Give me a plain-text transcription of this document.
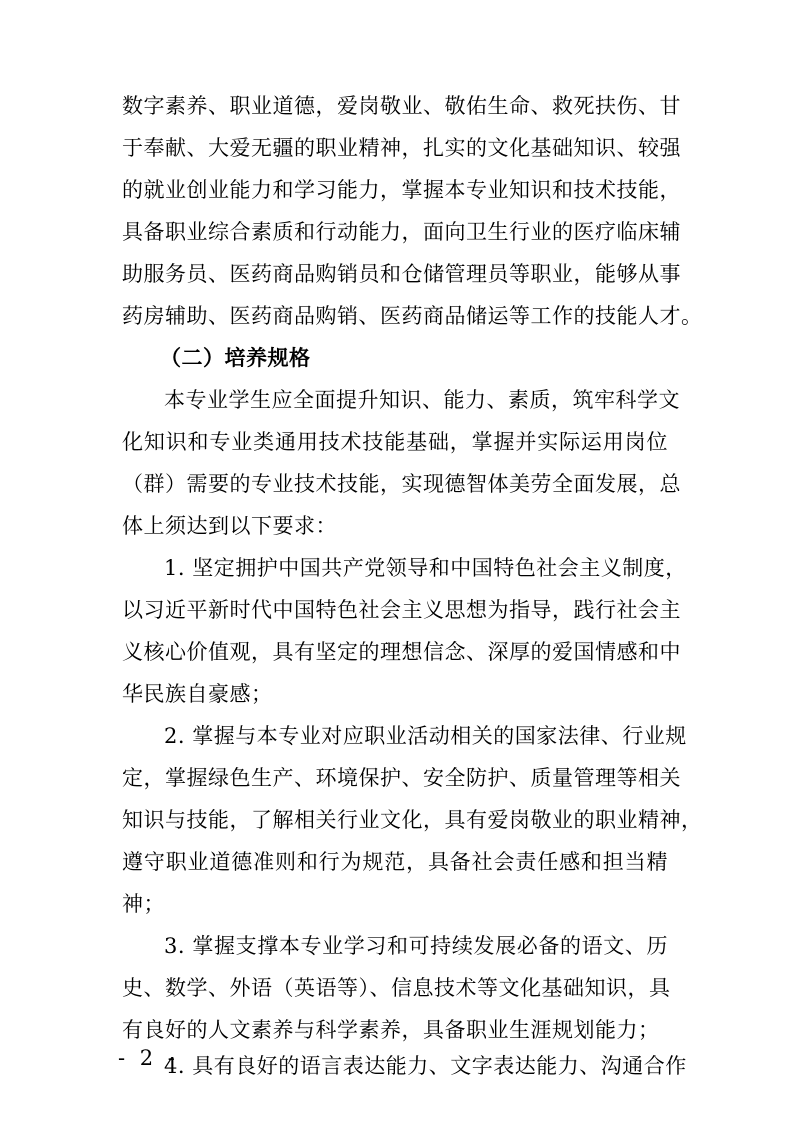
数字素养、职业道德，爱岗敬业、敬佑生命、救死扶伤、甘
于奉献、大爱无疆的职业精神，扎实的文化基础知识、较强
的就业创业能力和学习能力，掌握本专业知识和技术技能，
具备职业综合素质和行动能力，面向卫生行业的医疗临床辅
助服务员、医药商品购销员和仓储管理员等职业，能够从事
药房辅助、医药商品购销、医药商品储运等工作的技能人才。
（二）培养规格
本专业学生应全面提升知识、能力、素质，筑牢科学文
化知识和专业类通用技术技能基础，掌握并实际运用岗位
（群）需要的专业技术技能，实现德智体美劳全面发展，总
体上须达到以下要求：
1. 坚定拥护中国共产党领导和中国特色社会主义制度，
以习近平新时代中国特色社会主义思想为指导，践行社会主
义核心价值观，具有坚定的理想信念、深厚的爱国情感和中
华民族自豪感；
2. 掌握与本专业对应职业活动相关的国家法律、行业规
定，掌握绿色生产、环境保护、安全防护、质量管理等相关
知识与技能，了解相关行业文化，具有爱岗敬业的职业精神，
遵守职业道德准则和行为规范，具备社会责任感和担当精
神；
3. 掌握支撑本专业学习和可持续发展必备的语文、历
史、数学、外语（英语等）、信息技术等文化基础知识，具
有良好的人文素养与科学素养，具备职业生涯规划能力；
4. 具有良好的语言表达能力、文字表达能力、沟通合作
- 2 -
